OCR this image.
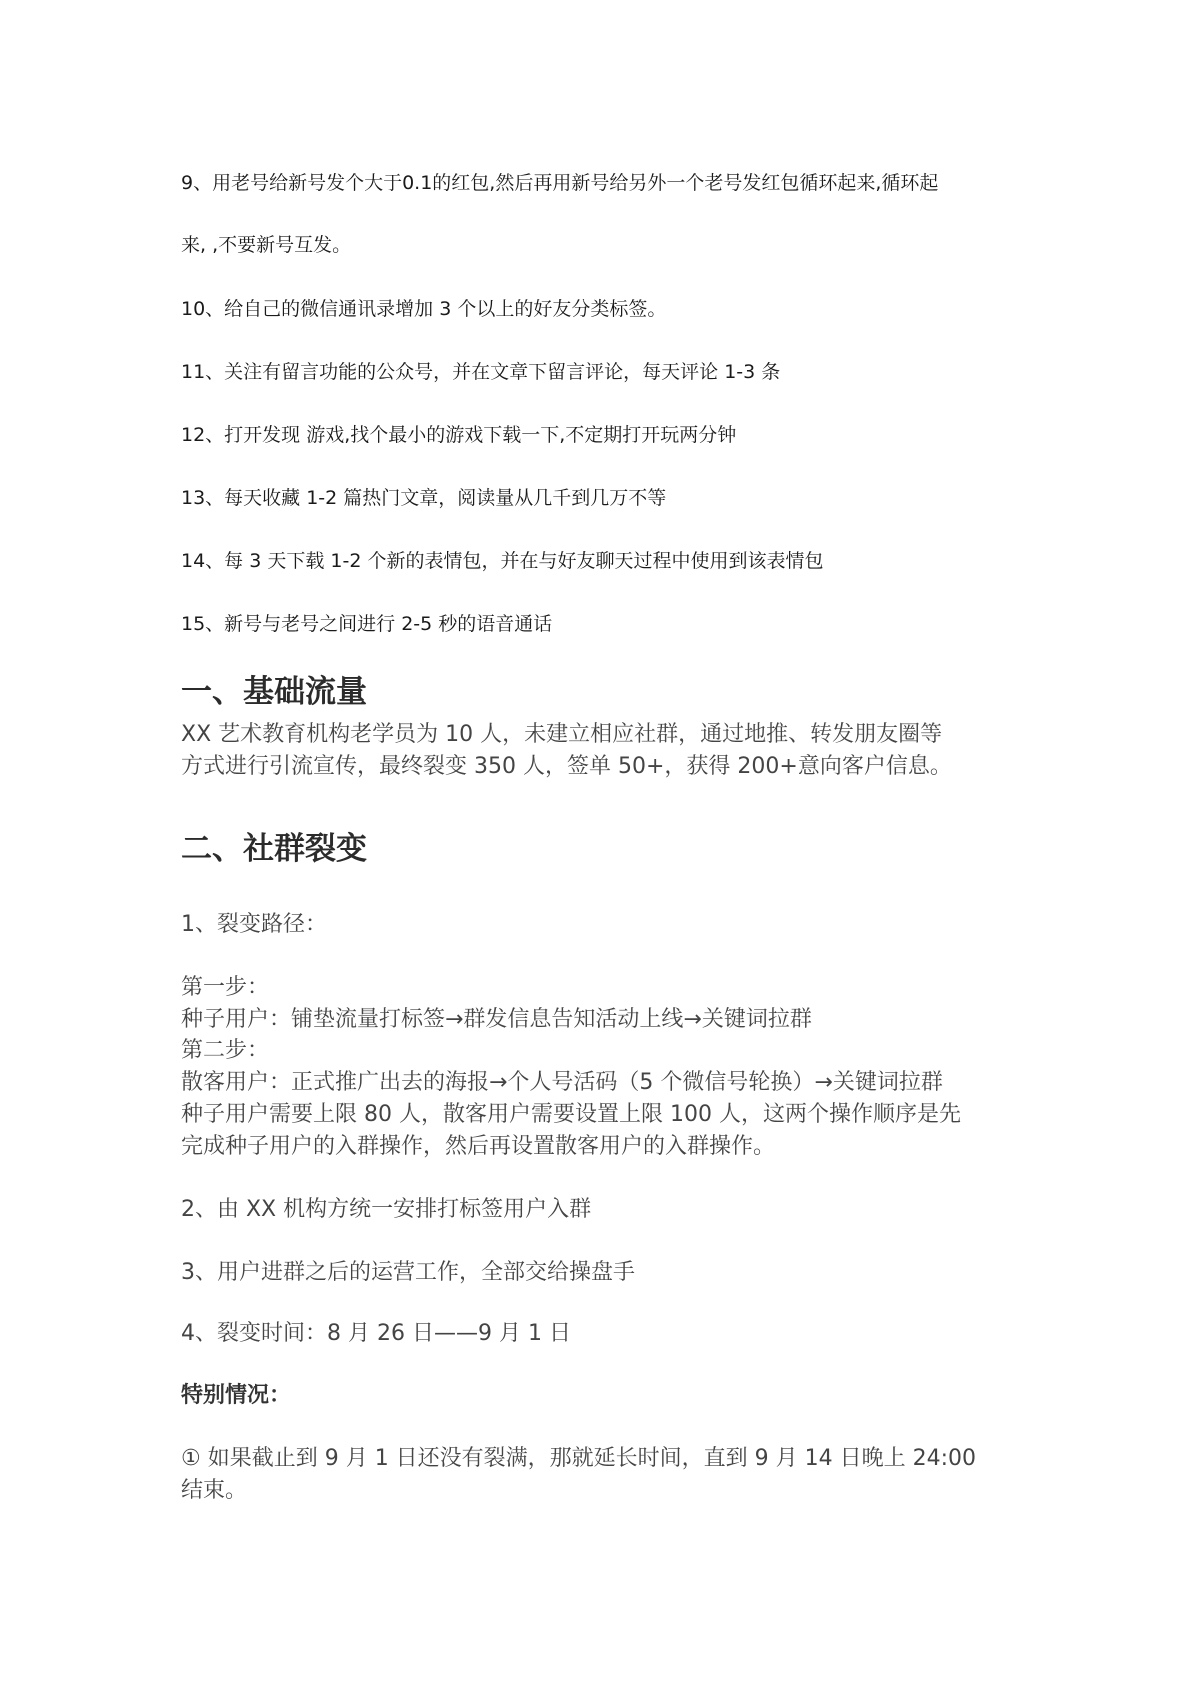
9、用老号给新号发个大于0.1的红包,然后再用新号给另外一个老号发红包循环起来,循环起

来, ,不要新号互发。

10、给自己的微信通讯录增加 3 个以上的好友分类标签。

11、关注有留言功能的公众号，并在文章下留言评论，每天评论 1-3 条

12、打开发现 游戏,找个最小的游戏下载一下,不定期打开玩两分钟

13、每天收藏 1-2 篇热门文章，阅读量从几千到几万不等

14、每 3 天下载 1-2 个新的表情包，并在与好友聊天过程中使用到该表情包

15、新号与老号之间进行 2-5 秒的语音通话

一、基础流量

XX 艺术教育机构老学员为 10 人，未建立相应社群，通过地推、转发朋友圈等

方式进行引流宣传，最终裂变 350 人，签单 50+，获得 200+意向客户信息。

二、社群裂变

1、裂变路径：

第一步：

种子用户：铺垫流量打标签→群发信息告知活动上线→关键词拉群

第二步：

散客用户：正式推广出去的海报→个人号活码（5 个微信号轮换）→关键词拉群

种子用户需要上限 80 人，散客用户需要设置上限 100 人，这两个操作顺序是先

完成种子用户的入群操作，然后再设置散客用户的入群操作。

2、由 XX 机构方统一安排打标签用户入群

3、用户进群之后的运营工作，全部交给操盘手

4、裂变时间：8 月 26 日——9 月 1 日

特别情况：

① 如果截止到 9 月 1 日还没有裂满，那就延长时间，直到 9 月 14 日晚上 24:00

结束。
